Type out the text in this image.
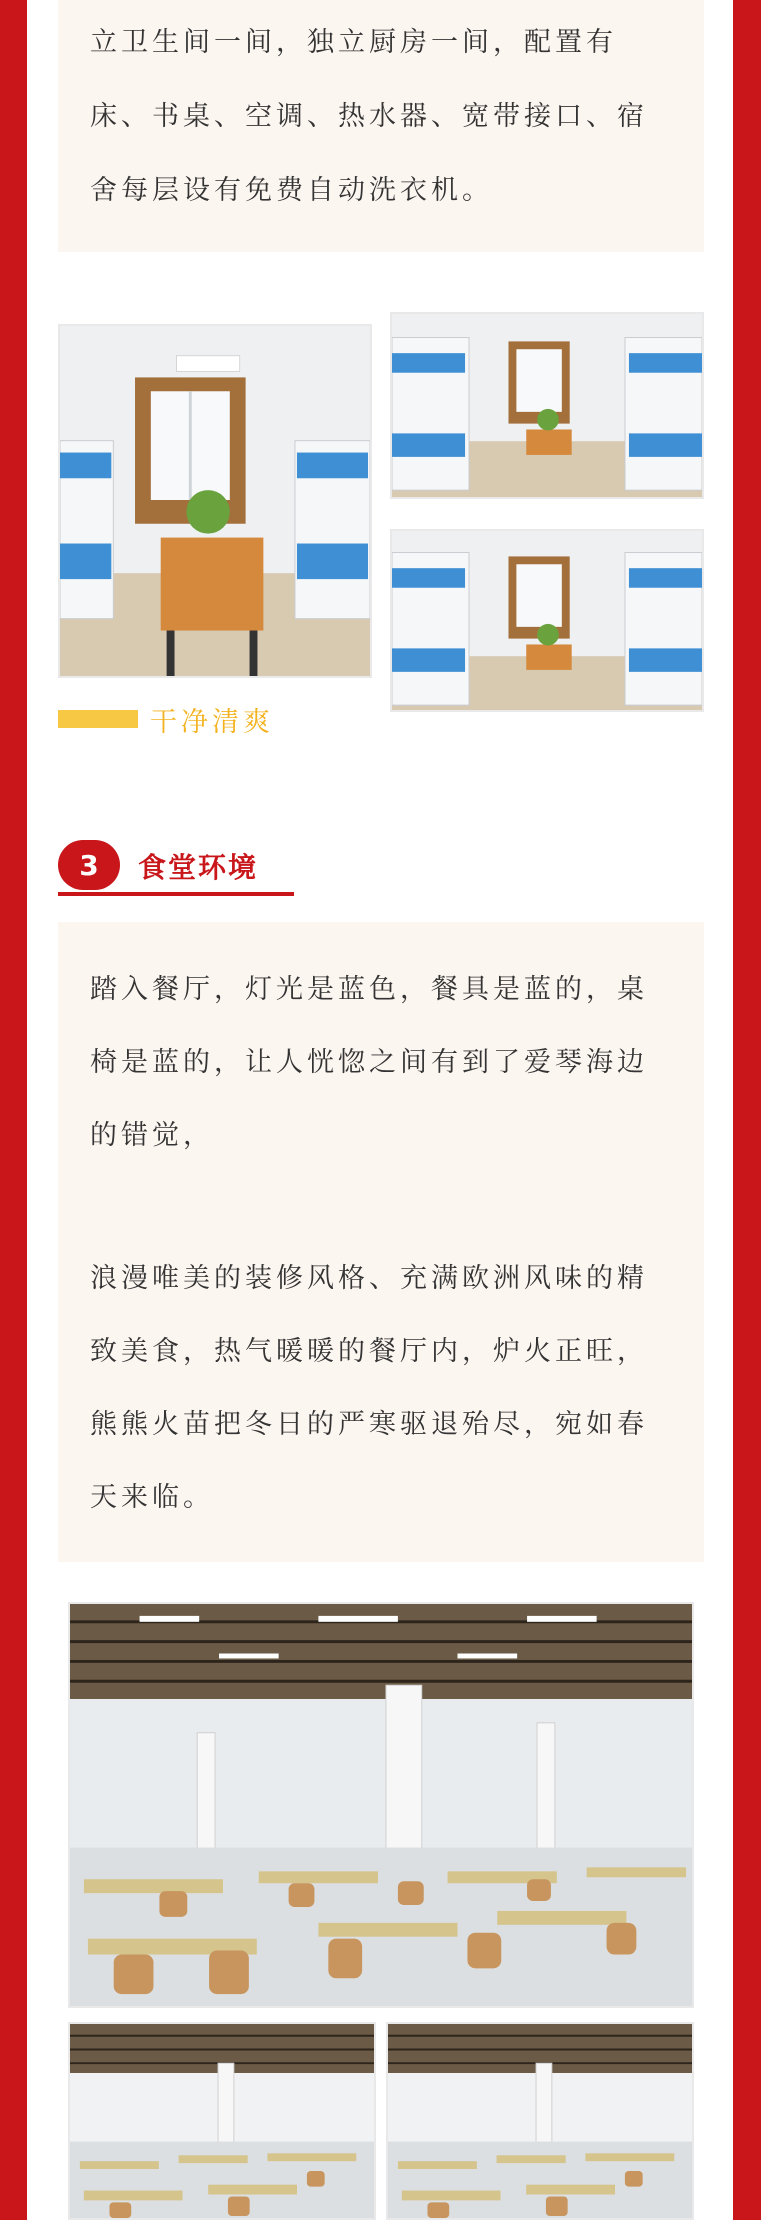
立卫生间一间，独立厨房一间，配置有

床、书桌、空调、热水器、宽带接口、宿

舍每层设有免费自动洗衣机。

干净清爽
3	食堂环境

踏入餐厅，灯光是蓝色，餐具是蓝的，桌

椅是蓝的，让人恍惚之间有到了爱琴海边

的错觉，

浪漫唯美的装修风格、充满欧洲风味的精

致美食，热气暖暖的餐厅内，炉火正旺，

熊熊火苗把冬日的严寒驱退殆尽，宛如春

天来临。
